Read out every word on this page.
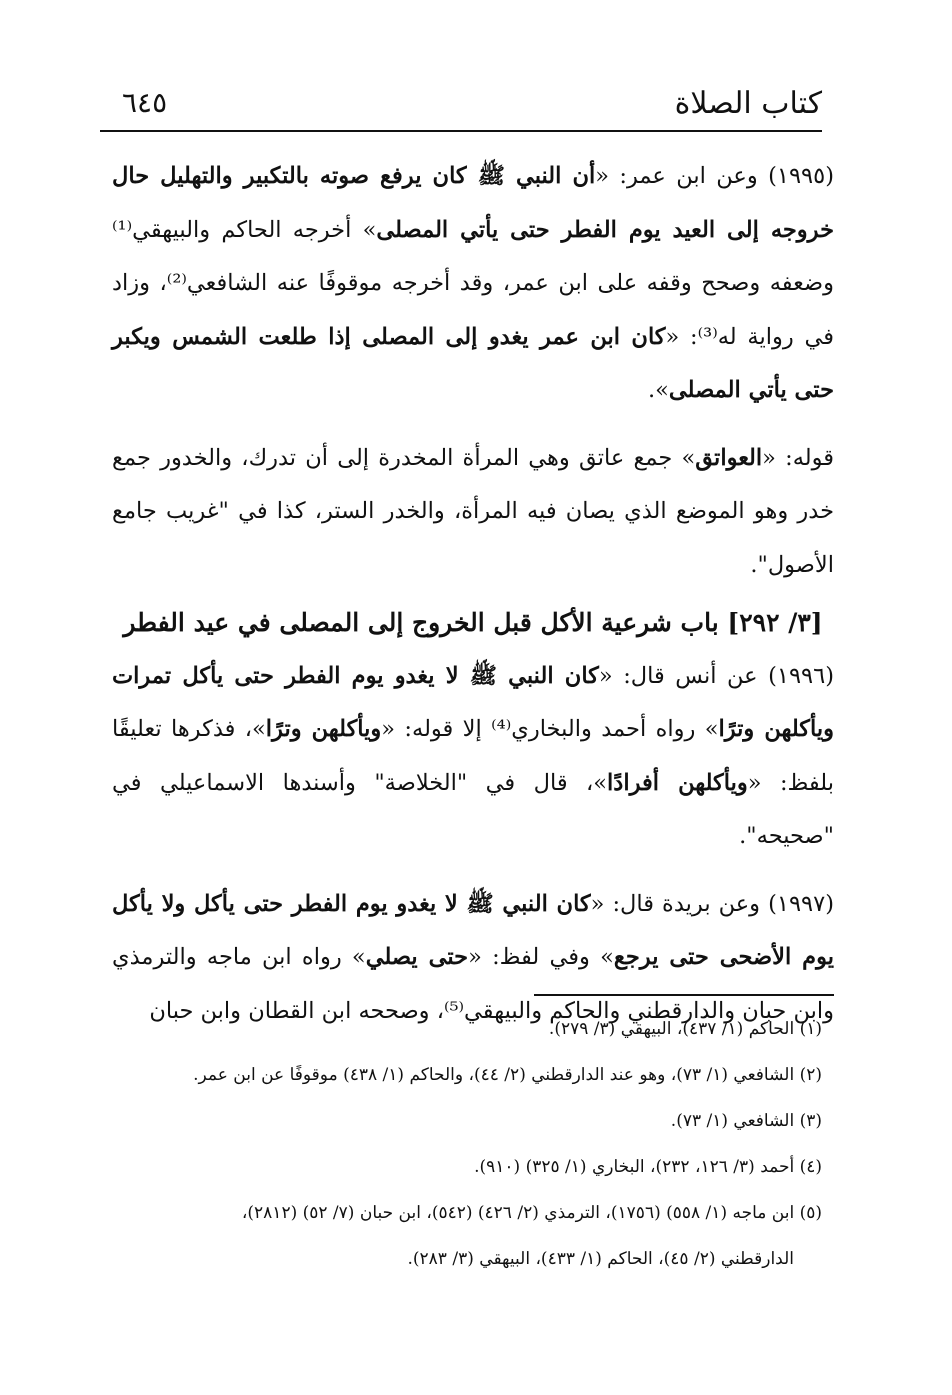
كتاب الصلاة
٦٤٥

(١٩٩٥) وعن ابن عمر: «أن النبي ﷺ كان يرفع صوته بالتكبير والتهليل حال خروجه إلى العيد يوم الفطر حتى يأتي المصلى» أخرجه الحاكم والبيهقي⁽¹⁾ وضعفه وصحح وقفه على ابن عمر، وقد أخرجه موقوفًا عنه الشافعي⁽²⁾، وزاد في رواية له⁽³⁾: «كان ابن عمر يغدو إلى المصلى إذا طلعت الشمس ويكبر حتى يأتي المصلى».

قوله: «العواتق» جمع عاتق وهي المرأة المخدرة إلى أن تدرك، والخدور جمع خدر وهو الموضع الذي يصان فيه المرأة، والخدر الستر، كذا في "غريب جامع الأصول".

[٣/ ٢٩٢] باب شرعية الأكل قبل الخروج إلى المصلى في عيد الفطر

(١٩٩٦) عن أنس قال: «كان النبي ﷺ لا يغدو يوم الفطر حتى يأكل تمرات ويأكلهن وترًا» رواه أحمد والبخاري⁽⁴⁾ إلا قوله: «ويأكلهن وترًا»، فذكرها تعليقًا بلفظ: «ويأكلهن أفرادًا»، قال في "الخلاصة" وأسندها الاسماعيلي في "صحيحه".

(١٩٩٧) وعن بريدة قال: «كان النبي ﷺ لا يغدو يوم الفطر حتى يأكل ولا يأكل يوم الأضحى حتى يرجع» وفي لفظ: «حتى يصلي» رواه ابن ماجه والترمذي وابن حبان والدارقطني والحاكم والبيهقي⁽⁵⁾، وصححه ابن القطان وابن حبان

(١) الحاكم (١/ ٤٣٧)، البيهقي (٣/ ٢٧٩).

(٢) الشافعي (١/ ٧٣)، وهو عند الدارقطني (٢/ ٤٤)، والحاكم (١/ ٤٣٨) موقوفًا عن ابن عمر.

(٣) الشافعي (١/ ٧٣).

(٤) أحمد (٣/ ١٢٦، ٢٣٢)، البخاري (١/ ٣٢٥) (٩١٠).

(٥) ابن ماجه (١/ ٥٥٨) (١٧٥٦)، الترمذي (٢/ ٤٢٦) (٥٤٢)، ابن حبان (٧/ ٥٢) (٢٨١٢)،

الدارقطني (٢/ ٤٥)، الحاكم (١/ ٤٣٣)، البيهقي (٣/ ٢٨٣).
